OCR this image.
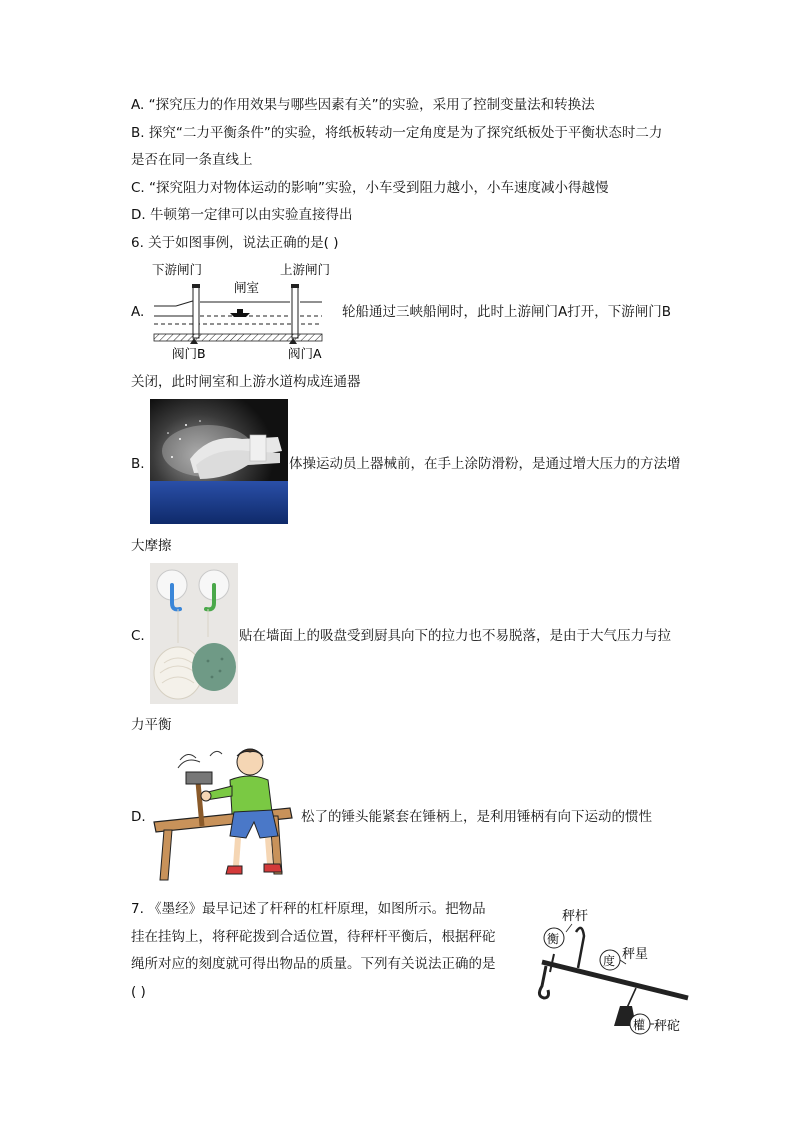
A. “探究压力的作用效果与哪些因素有关”的实验，采用了控制变量法和转换法
B. 探究“二力平衡条件”的实验，将纸板转动一定角度是为了探究纸板处于平衡状态时二力
是否在同一条直线上
C. “探究阻力对物体运动的影响”实验，小车受到阻力越小，小车速度减小得越慢
D. 牛顿第一定律可以由实验直接得出
6. 关于如图事例，说法正确的是( )
A.
下游闸门	上游闸门
闸室
阀门B	阀门A
轮船通过三峡船闸时，此时上游闸门A打开，下游闸门B
关闭，此时闸室和上游水道构成连通器
B.	体操运动员上器械前，在手上涂防滑粉，是通过增大压力的方法增
大摩擦
C.	贴在墙面上的吸盘受到厨具向下的拉力也不易脱落，是由于大气压力与拉
力平衡
D.	松了的锤头能紧套在锤柄上，是利用锤柄有向下运动的惯性
7. 《墨经》最早记述了杆秤的杠杆原理，如图所示。把物品
挂在挂钩上，将秤砣拨到合适位置，待秤杆平衡后，根据秤砣
绳所对应的刻度就可得出物品的质量。下列有关说法正确的是
( )
秤杆
衡
度 秤星
權 秤砣
